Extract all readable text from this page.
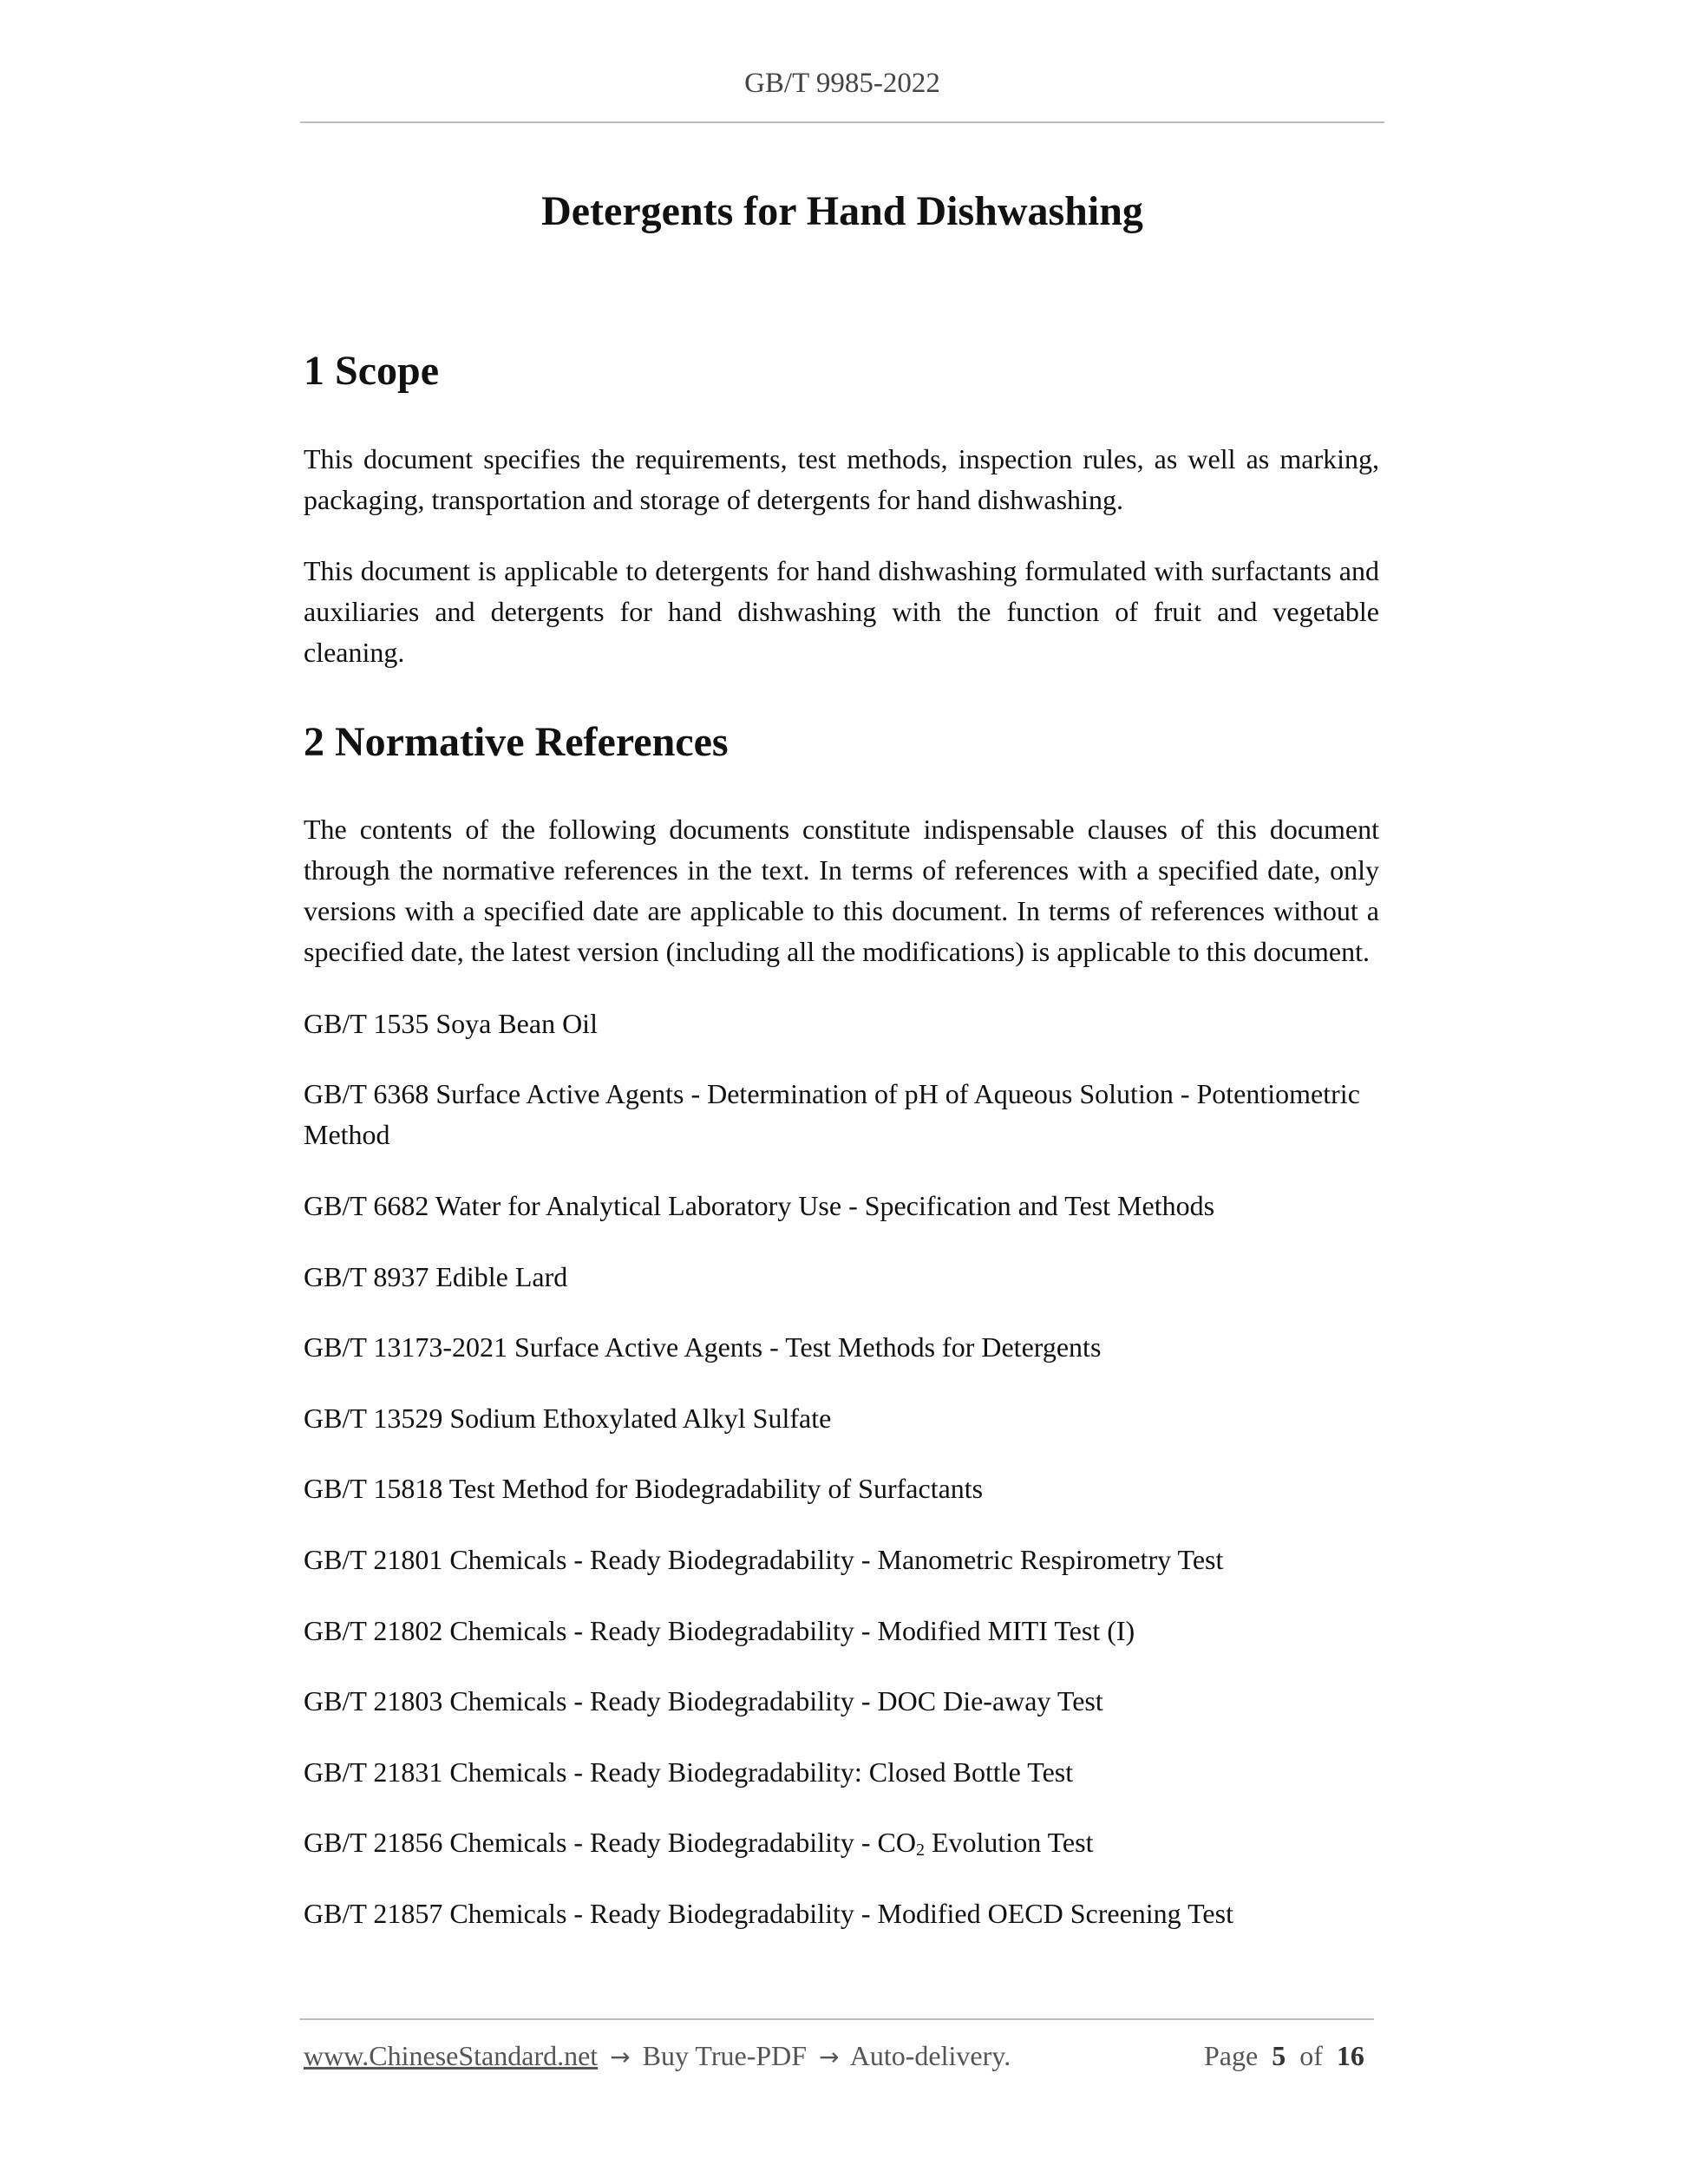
GB/T 9985-2022
Detergents for Hand Dishwashing
1 Scope

This document specifies the requirements, test methods, inspection rules, as well as marking, packaging, transportation and storage of detergents for hand dishwashing.

This document is applicable to detergents for hand dishwashing formulated with surfactants and auxiliaries and detergents for hand dishwashing with the function of fruit and vegetable cleaning.

2 Normative References

The contents of the following documents constitute indispensable clauses of this document through the normative references in the text. In terms of references with a specified date, only versions with a specified date are applicable to this document. In terms of references without a specified date, the latest version (including all the modifications) is applicable to this document.

GB/T 1535 Soya Bean Oil

GB/T 6368 Surface Active Agents - Determination of pH of Aqueous Solution - Potentiometric Method

GB/T 6682 Water for Analytical Laboratory Use - Specification and Test Methods

GB/T 8937 Edible Lard

GB/T 13173-2021 Surface Active Agents - Test Methods for Detergents

GB/T 13529 Sodium Ethoxylated Alkyl Sulfate

GB/T 15818 Test Method for Biodegradability of Surfactants

GB/T 21801 Chemicals - Ready Biodegradability - Manometric Respirometry Test

GB/T 21802 Chemicals - Ready Biodegradability - Modified MITI Test (I)

GB/T 21803 Chemicals - Ready Biodegradability - DOC Die-away Test

GB/T 21831 Chemicals - Ready Biodegradability: Closed Bottle Test

GB/T 21856 Chemicals - Ready Biodegradability - $CO_2$ Evolution Test

GB/T 21857 Chemicals - Ready Biodegradability - Modified OECD Screening Test

www.ChineseStandard.net → Buy True-PDF → Auto-delivery.	Page 5 of 16
